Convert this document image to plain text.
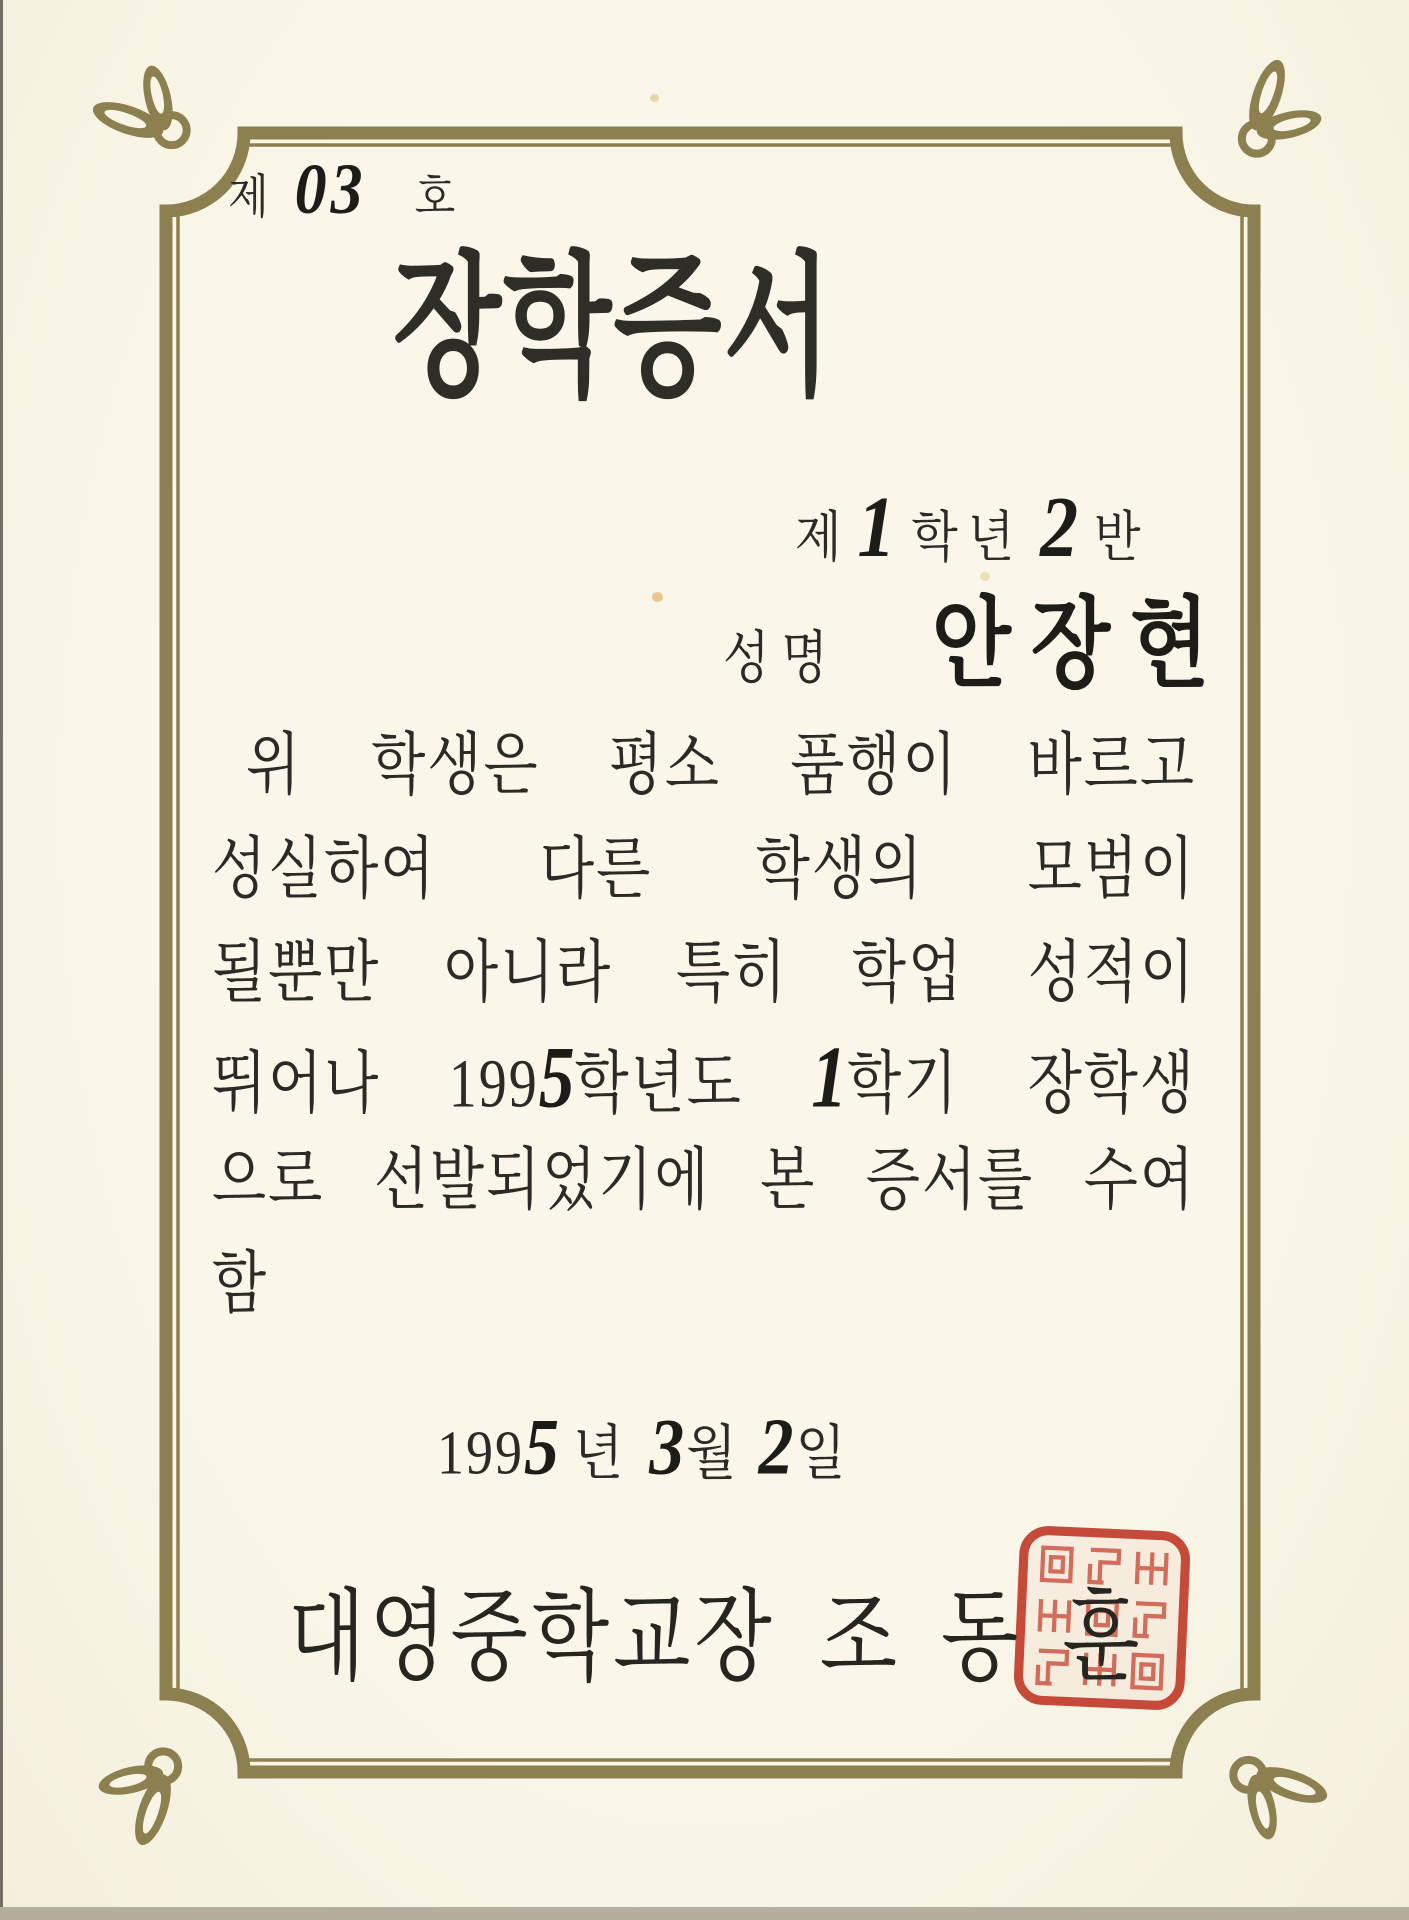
제 03 호
장학증서
제 1 학년 2 반
성명 안장현

위 학생은 평소 품행이 바르고

성실하여 다른 학생의 모범이

될뿐만 아니라 특히 학업 성적이

뛰어나 1995학년도 1학기 장학생

으로 선발되었기에 본 증서를 수여

함

199 5 년 3 월 2 일
대영중학교장 조 동 훈
